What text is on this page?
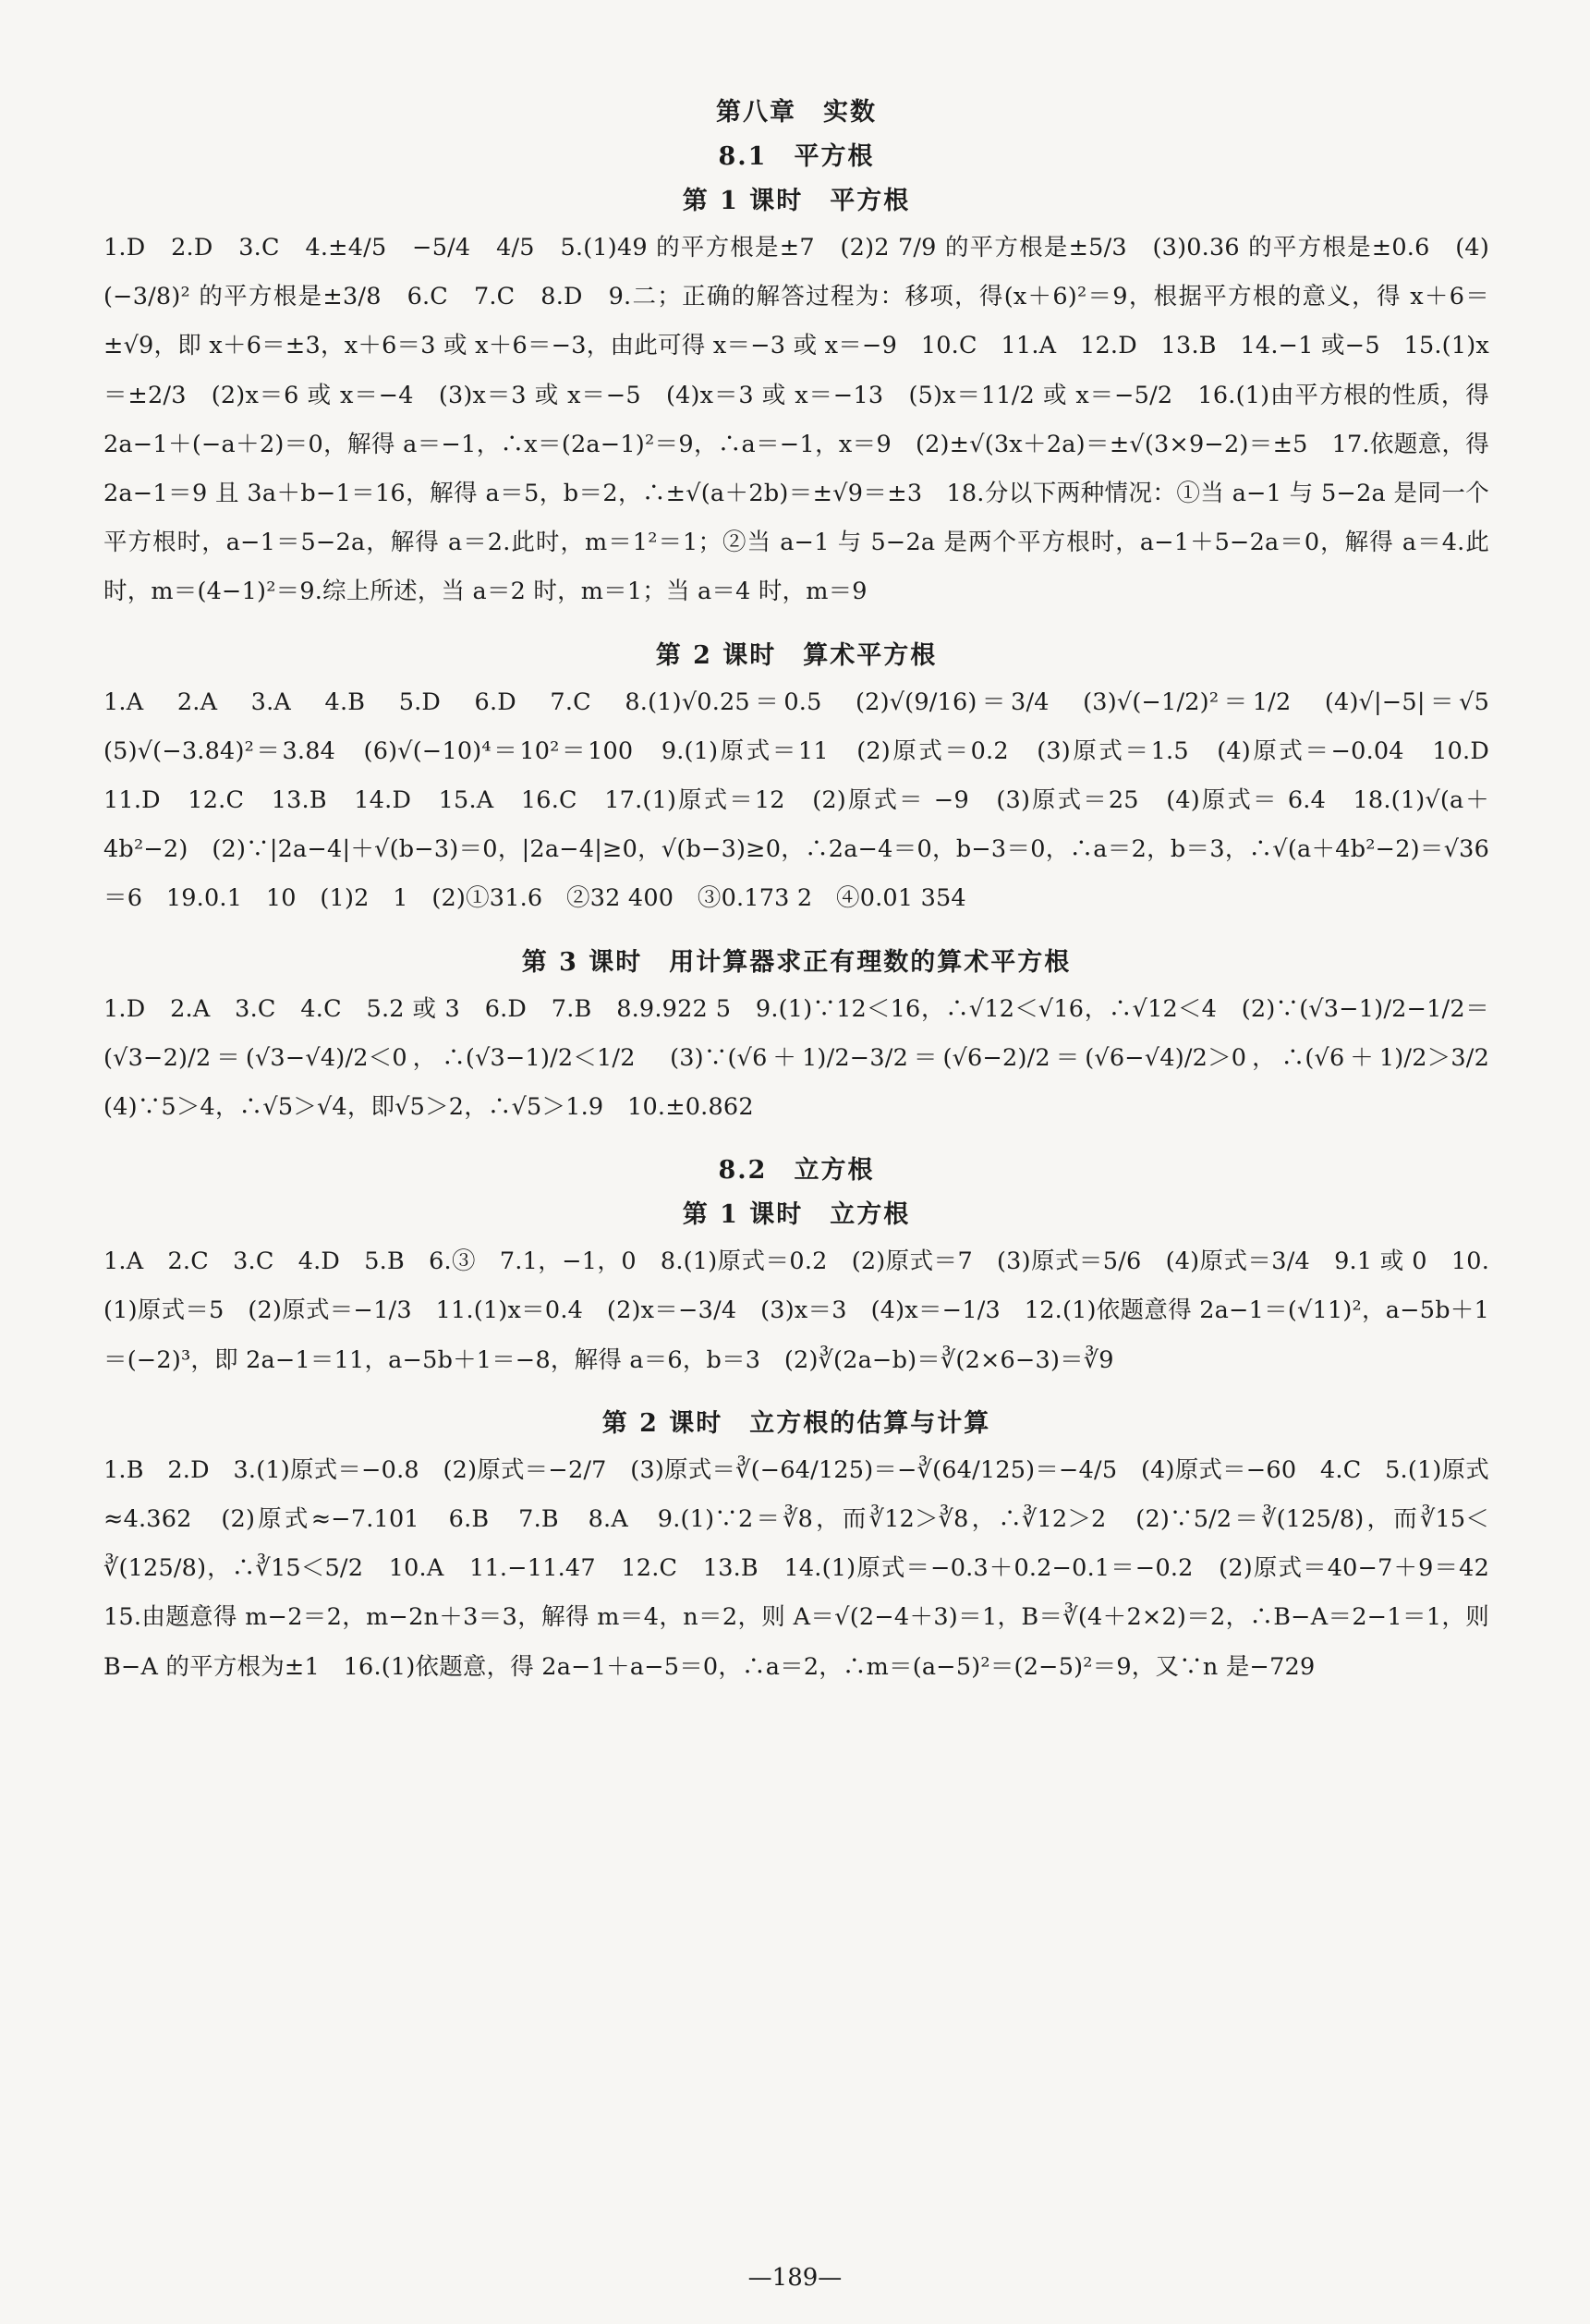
第八章　实数
8.1　平方根
第 1 课时　平方根

1.D　2.D　3.C　4.±4/5　−5/4　4/5　5.(1)49 的平方根是±7　(2)2 7/9 的平方根是±5/3　(3)0.36 的平方根是±0.6　(4)(−3/8)² 的平方根是±3/8　6.C　7.C　8.D　9.二；正确的解答过程为：移项，得(x＋6)²＝9，根据平方根的意义，得 x＋6＝±√9，即 x＋6＝±3，x＋6＝3 或 x＋6＝−3，由此可得 x＝−3 或 x＝−9　10.C　11.A　12.D　13.B　14.−1 或−5　15.(1)x＝±2/3　(2)x＝6 或 x＝−4　(3)x＝3 或 x＝−5　(4)x＝3 或 x＝−13　(5)x＝11/2 或 x＝−5/2　16.(1)由平方根的性质，得 2a−1＋(−a＋2)＝0，解得 a＝−1，∴x＝(2a−1)²＝9，∴a＝−1，x＝9　(2)±√(3x＋2a)＝±√(3×9−2)＝±5　17.依题意，得 2a−1＝9 且 3a＋b−1＝16，解得 a＝5，b＝2，∴±√(a＋2b)＝±√9＝±3　18.分以下两种情况：①当 a−1 与 5−2a 是同一个平方根时，a−1＝5−2a，解得 a＝2.此时，m＝1²＝1；②当 a−1 与 5−2a 是两个平方根时，a−1＋5−2a＝0，解得 a＝4.此时，m＝(4−1)²＝9.综上所述，当 a＝2 时，m＝1；当 a＝4 时，m＝9

第 2 课时　算术平方根

1.A　2.A　3.A　4.B　5.D　6.D　7.C　8.(1)√0.25＝0.5　(2)√(9/16)＝3/4　(3)√(−1/2)²＝1/2　(4)√|−5|＝√5　(5)√(−3.84)²＝3.84　(6)√(−10)⁴＝10²＝100　9.(1)原式＝11　(2)原式＝0.2　(3)原式＝1.5　(4)原式＝−0.04　10.D　11.D　12.C　13.B　14.D　15.A　16.C　17.(1)原式＝12　(2)原式＝ −9　(3)原式＝25　(4)原式＝ 6.4　18.(1)√(a＋4b²−2)　(2)∵|2a−4|＋√(b−3)＝0，|2a−4|≥0，√(b−3)≥0，∴2a−4＝0，b−3＝0，∴a＝2，b＝3，∴√(a＋4b²−2)＝√36＝6　19.0.1　10　(1)2　1　(2)①31.6　②32 400　③0.173 2　④0.01 354

第 3 课时　用计算器求正有理数的算术平方根

1.D　2.A　3.C　4.C　5.2 或 3　6.D　7.B　8.9.922 5　9.(1)∵12＜16，∴√12＜√16，∴√12＜4　(2)∵(√3−1)/2−1/2＝(√3−2)/2＝(√3−√4)/2＜0，∴(√3−1)/2＜1/2　(3)∵(√6＋1)/2−3/2＝(√6−2)/2＝(√6−√4)/2＞0，∴(√6＋1)/2＞3/2　(4)∵5＞4，∴√5＞√4，即√5＞2，∴√5＞1.9　10.±0.862

8.2　立方根
第 1 课时　立方根

1.A　2.C　3.C　4.D　5.B　6.③　7.1，−1，0　8.(1)原式＝0.2　(2)原式＝7　(3)原式＝5/6　(4)原式＝3/4　9.1 或 0　10.(1)原式＝5　(2)原式＝−1/3　11.(1)x＝0.4　(2)x＝−3/4　(3)x＝3　(4)x＝−1/3　12.(1)依题意得 2a−1＝(√11)²，a−5b＋1＝(−2)³，即 2a−1＝11，a−5b＋1＝−8，解得 a＝6，b＝3　(2)∛(2a−b)＝∛(2×6−3)＝∛9

第 2 课时　立方根的估算与计算

1.B　2.D　3.(1)原式＝−0.8　(2)原式＝−2/7　(3)原式＝∛(−64/125)＝−∛(64/125)＝−4/5　(4)原式＝−60　4.C　5.(1)原式≈4.362　(2)原式≈−7.101　6.B　7.B　8.A　9.(1)∵2＝∛8，而∛12＞∛8，∴∛12＞2　(2)∵5/2＝∛(125/8)，而∛15＜∛(125/8)，∴∛15＜5/2　10.A　11.−11.47　12.C　13.B　14.(1)原式＝−0.3＋0.2−0.1＝−0.2　(2)原式＝40−7＋9＝42　15.由题意得 m−2＝2，m−2n＋3＝3，解得 m＝4，n＝2，则 A＝√(2−4＋3)＝1，B＝∛(4＋2×2)＝2，∴B−A＝2−1＝1，则 B−A 的平方根为±1　16.(1)依题意，得 2a−1＋a−5＝0，∴a＝2，∴m＝(a−5)²＝(2−5)²＝9，又∵n 是−729

—189—
